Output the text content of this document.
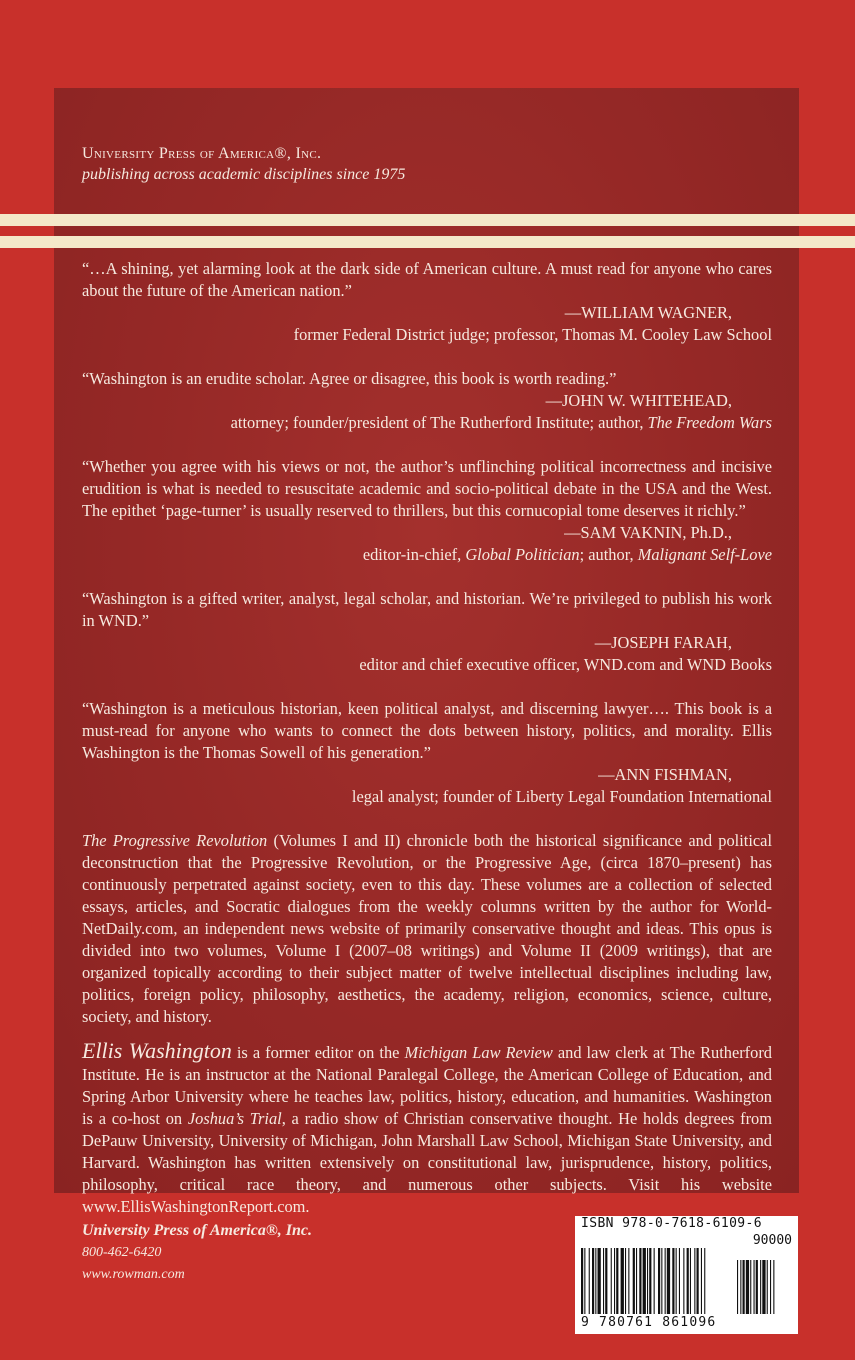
University Press of America®, Inc.
publishing across academic disciplines since 1975

“…A shining, yet alarming look at the dark side of American culture. A must read for anyone who cares about the future of the American nation.”

—WILLIAM WAGNER,
former Federal District judge; professor, Thomas M. Cooley Law School

“Washington is an erudite scholar. Agree or disagree, this book is worth reading.”

—JOHN W. WHITEHEAD,
attorney; founder/president of The Rutherford Institute; author, The Freedom Wars

“Whether you agree with his views or not, the author’s unflinching political incorrectness and incisive erudition is what is needed to resuscitate academic and socio-political debate in the USA and the West. The epithet ‘page-turner’ is usually reserved to thrillers, but this cornucopial tome deserves it richly.”

—SAM VAKNIN, Ph.D.,
editor-in-chief, Global Politician; author, Malignant Self-Love

“Washington is a gifted writer, analyst, legal scholar, and historian. We’re privileged to publish his work in WND.”

—JOSEPH FARAH,
editor and chief executive officer, WND.com and WND Books

“Washington is a meticulous historian, keen political analyst, and discerning lawyer…. This book is a must-read for anyone who wants to connect the dots between history, politics, and morality. Ellis Washington is the Thomas Sowell of his generation.”

—ANN FISHMAN,
legal analyst; founder of Liberty Legal Foundation International

The Progressive Revolution (Volumes I and II) chronicle both the historical significance and political deconstruction that the Progressive Revolution, or the Progressive Age, (circa 1870–present) has continuously perpetrated against society, even to this day. These volumes are a collection of selected essays, articles, and Socratic dialogues from the weekly columns written by the author for World-NetDaily.com, an independent news website of primarily conservative thought and ideas. This opus is divided into two volumes, Volume I (2007–08 writings) and Volume II (2009 writings), that are organized topically according to their subject matter of twelve intellectual disciplines including law, politics, foreign policy, philosophy, aesthetics, the academy, religion, economics, science, culture, society, and history.

Ellis Washington is a former editor on the Michigan Law Review and law clerk at The Rutherford Institute. He is an instructor at the National Paralegal College, the American College of Education, and Spring Arbor University where he teaches law, politics, history, education, and humanities. Washington is a co-host on Joshua’s Trial, a radio show of Christian conservative thought. He holds degrees from DePauw University, University of Michigan, John Marshall Law School, Michigan State University, and Harvard. Washington has written extensively on constitutional law, jurisprudence, history, politics, philosophy, critical race theory, and numerous other subjects. Visit his website www.EllisWashingtonReport.com.

University Press of America®, Inc.
800-462-6420
www.rowman.com
ISBN 978-0-7618-6109-6
90000
9 780761 861096
